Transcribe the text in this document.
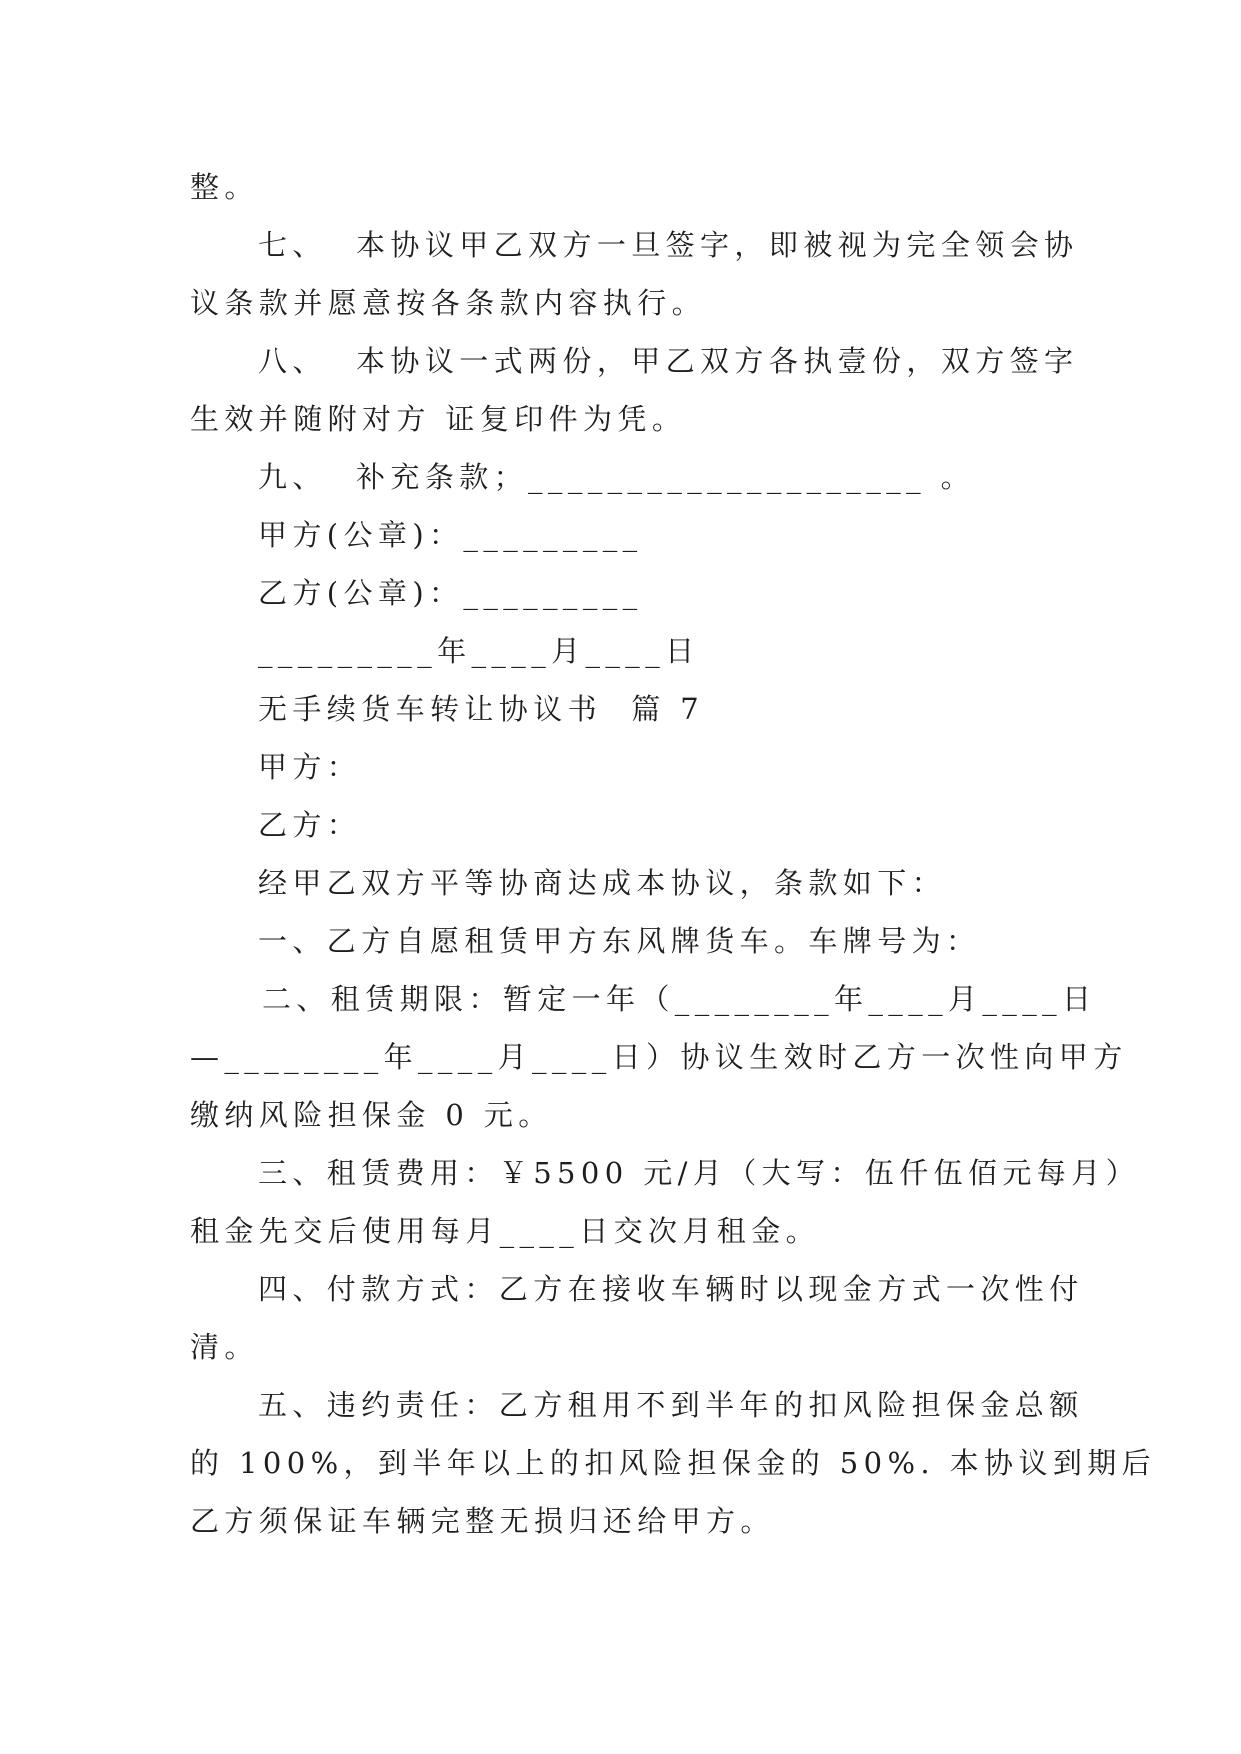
整。
七、  本协议甲乙双方一旦签字，即被视为完全领会协
议条款并愿意按各条款内容执行。
八、  本协议一式两份，甲乙双方各执壹份，双方签字
生效并随附对方 证复印件为凭。
九、  补充条款；____________________ 。
甲方(公章)：_________
乙方(公章)：_________
_________年____月____日
无手续货车转让协议书  篇 7
甲方：
乙方：
经甲乙双方平等协商达成本协议，条款如下：
一、乙方自愿租赁甲方东风牌货车。车牌号为：
二、租赁期限：暂定一年（________年____月____日
—________年____月____日）协议生效时乙方一次性向甲方
缴纳风险担保金 0 元。
三、租赁费用：￥5500 元/月（大写：伍仟伍佰元每月）
租金先交后使用每月____日交次月租金。
四、付款方式：乙方在接收车辆时以现金方式一次性付
清。
五、违约责任：乙方租用不到半年的扣风险担保金总额
的 100%，到半年以上的扣风险担保金的 50%. 本协议到期后
乙方须保证车辆完整无损归还给甲方。
